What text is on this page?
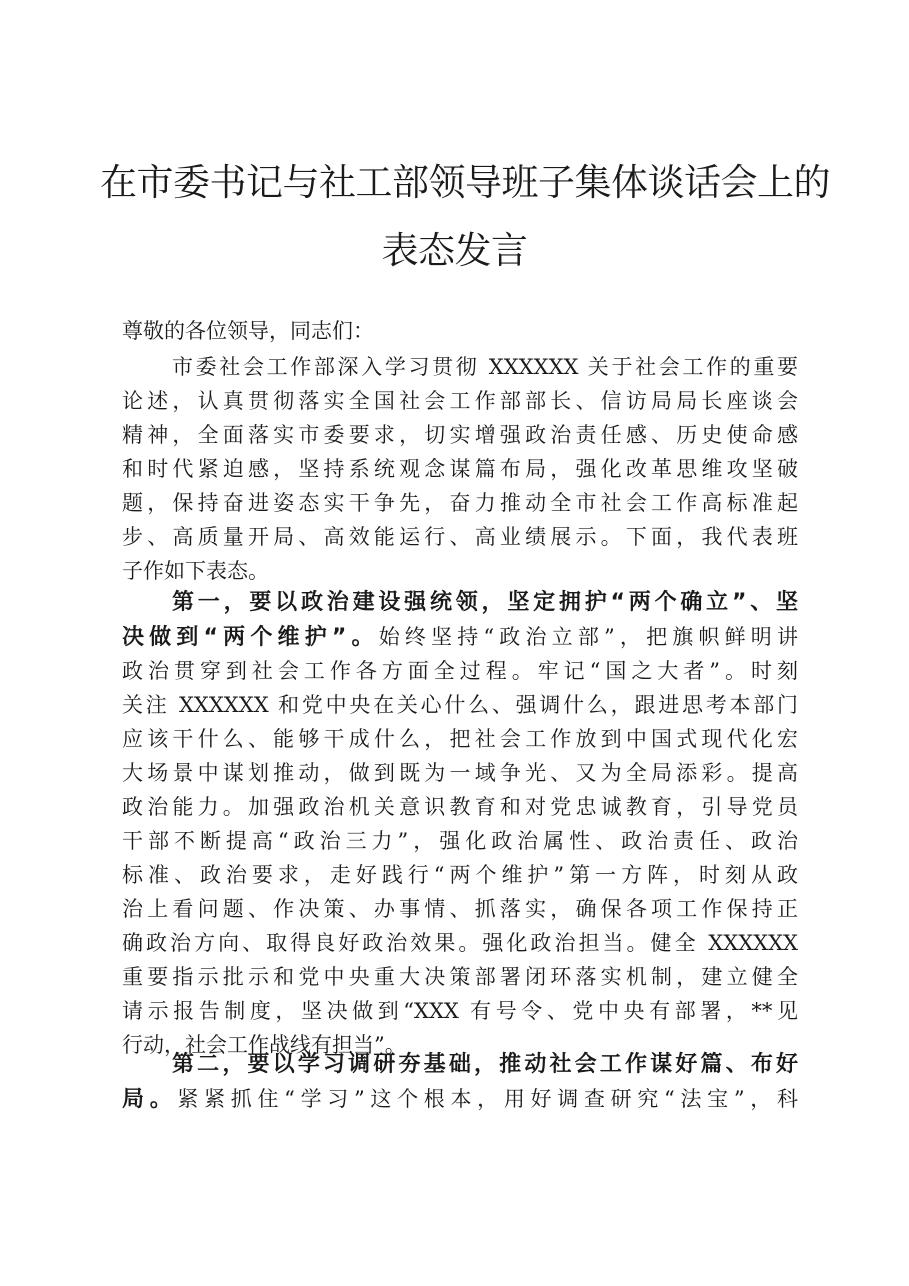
在市委书记与社工部领导班子集体谈话会上的
表态发言
尊敬的各位领导，同志们：
市委社会工作部深入学习贯彻 XXXXXX 关于社会工作的重要
论述，认真贯彻落实全国社会工作部部长、信访局局长座谈会
精神，全面落实市委要求，切实增强政治责任感、历史使命感
和时代紧迫感，坚持系统观念谋篇布局，强化改革思维攻坚破
题，保持奋进姿态实干争先，奋力推动全市社会工作高标准起
步、高质量开局、高效能运行、高业绩展示。下面，我代表班
子作如下表态。
第一，要以政治建设强统领，坚定拥护“两个确立”、坚
决做到“两个维护”。始终坚持“政治立部”，把旗帜鲜明讲
政治贯穿到社会工作各方面全过程。牢记“国之大者”。时刻
关注 XXXXXX 和党中央在关心什么、强调什么，跟进思考本部门
应该干什么、能够干成什么，把社会工作放到中国式现代化宏
大场景中谋划推动，做到既为一域争光、又为全局添彩。提高
政治能力。加强政治机关意识教育和对党忠诚教育，引导党员
干部不断提高“政治三力”，强化政治属性、政治责任、政治
标准、政治要求，走好践行“两个维护”第一方阵，时刻从政
治上看问题、作决策、办事情、抓落实，确保各项工作保持正
确政治方向、取得良好政治效果。强化政治担当。健全 XXXXXX
重要指示批示和党中央重大决策部署闭环落实机制，建立健全
请示报告制度，坚决做到“XXX 有号令、党中央有部署，**见
行动，社会工作战线有担当”。
第二，要以学习调研夯基础，推动社会工作谋好篇、布好
局。紧紧抓住“学习”这个根本，用好调查研究“法宝”，科
